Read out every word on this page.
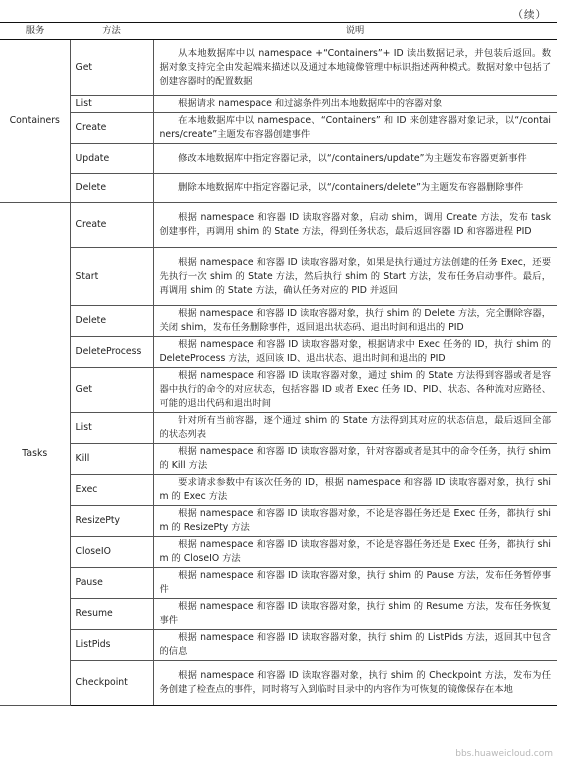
（续）
服务	方法	说明
Containers	Get	从本地数据库中以 namespace +“Containers”+ ID 读出数据记录，并包装后返回。数据对象支持完全由发起端来描述以及通过本地镜像管理中标识指述两种模式。数据对象中包括了创建容器时的配置数据
	List	根据请求 namespace 和过滤条件列出本地数据库中的容器对象
	Create	在本地数据库中以 namespace、“Containers” 和 ID 来创建容器对象记录，以“/containers/create”主题发布容器创建事件
	Update	修改本地数据库中指定容器记录，以“/containers/update”为主题发布容器更新事件
	Delete	删除本地数据库中指定容器记录，以“/containers/delete”为主题发布容器删除事件
Tasks	Create	根据 namespace 和容器 ID 读取容器对象，启动 shim，调用 Create 方法，发布 task 创建事件，再调用 shim 的 State 方法，得到任务状态，最后返回容器 ID 和容器进程 PID
	Start	根据 namespace 和容器 ID 读取容器对象，如果是执行通过方法创建的任务 Exec，还要先执行一次 shim 的 State 方法，然后执行 shim 的 Start 方法，发布任务启动事件。最后，再调用 shim 的 State 方法，确认任务对应的 PID 并返回
	Delete	根据 namespace 和容器 ID 读取容器对象，执行 shim 的 Delete 方法，完全删除容器，关闭 shim，发布任务删除事件，返回退出状态码、退出时间和退出的 PID
	DeleteProcess	根据 namespace 和容器 ID 读取容器对象，根据请求中 Exec 任务的 ID，执行 shim 的 DeleteProcess 方法，返回该 ID、退出状态、退出时间和退出的 PID
	Get	根据 namespace 和容器 ID 读取容器对象，通过 shim 的 State 方法得到容器或者是容器中执行的命令的对应状态，包括容器 ID 或者 Exec 任务 ID、PID、状态、各种流对应路径、可能的退出代码和退出时间
	List	针对所有当前容器，逐个通过 shim 的 State 方法得到其对应的状态信息，最后返回全部的状态列表
	Kill	根据 namespace 和容器 ID 读取容器对象，针对容器或者是其中的命令任务，执行 shim 的 Kill 方法
	Exec	要求请求参数中有该次任务的 ID，根据 namespace 和容器 ID 读取容器对象，执行 shim 的 Exec 方法
	ResizePty	根据 namespace 和容器 ID 读取容器对象，不论是容器任务还是 Exec 任务，都执行 shim 的 ResizePty 方法
	CloseIO	根据 namespace 和容器 ID 读取容器对象，不论是容器任务还是 Exec 任务，都执行 shim 的 CloseIO 方法
	Pause	根据 namespace 和容器 ID 读取容器对象，执行 shim 的 Pause 方法，发布任务暂停事件
	Resume	根据 namespace 和容器 ID 读取容器对象，执行 shim 的 Resume 方法，发布任务恢复事件
	ListPids	根据 namespace 和容器 ID 读取容器对象，执行 shim 的 ListPids 方法，返回其中包含的信息
	Checkpoint	根据 namespace 和容器 ID 读取容器对象，执行 shim 的 Checkpoint 方法，发布为任务创建了检查点的事件，同时将写入到临时目录中的内容作为可恢复的镜像保存在本地
bbs.huaweicloud.com
